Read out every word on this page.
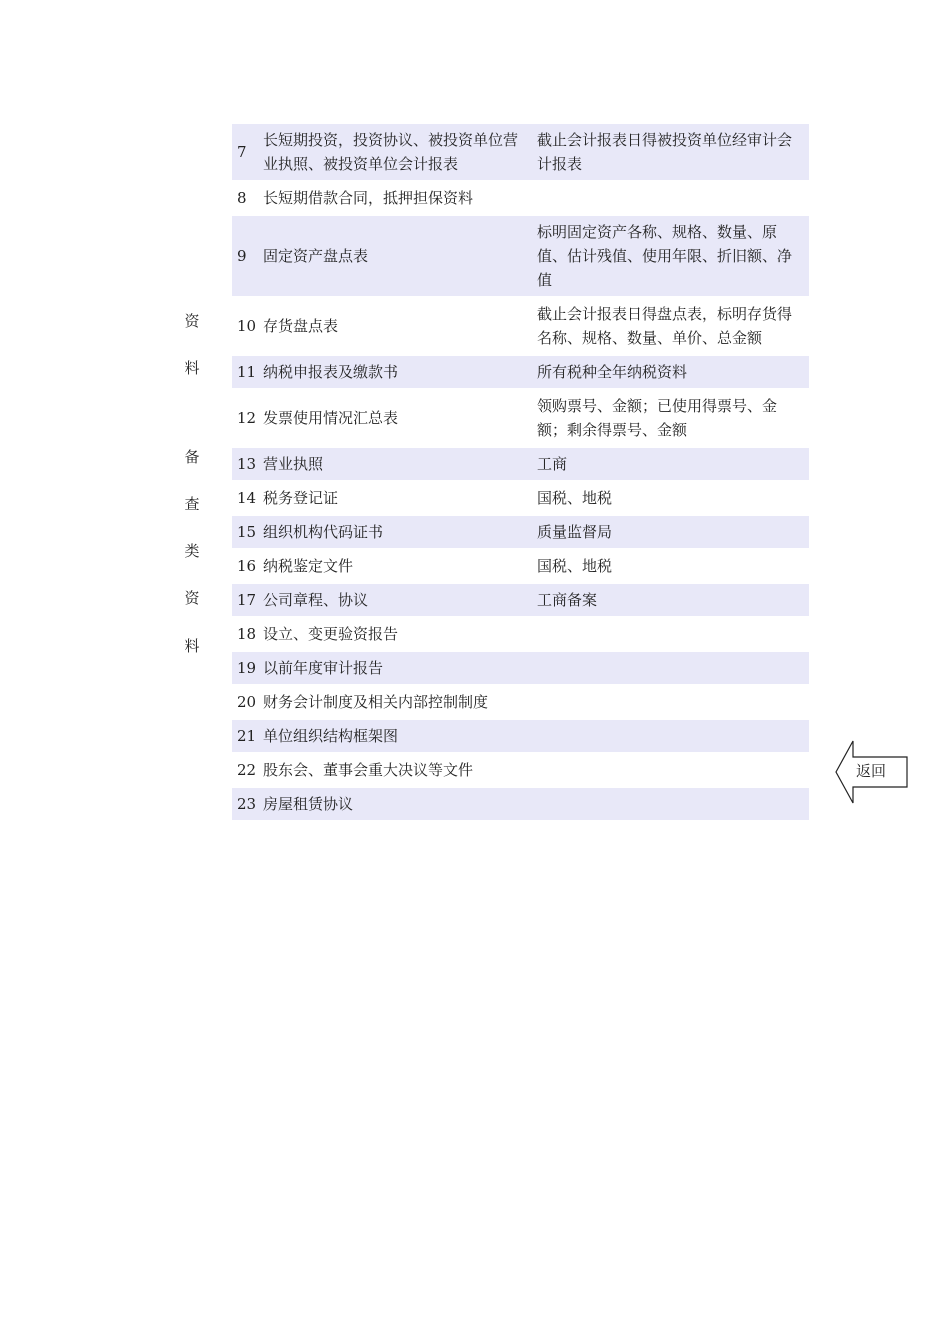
资
料
备
查
类
资
料
7	长短期投资，投资协议、被投资单位营业执照、被投资单位会计报表	截止会计报表日得被投资单位经审计会计报表
8	长短期借款合同，抵押担保资料	
9	固定资产盘点表	标明固定资产各称、规格、数量、原值、估计残值、使用年限、折旧额、净值
10	存货盘点表	截止会计报表日得盘点表，标明存货得名称、规格、数量、单价、总金额
11	纳税申报表及缴款书	所有税种全年纳税资料
12	发票使用情况汇总表	领购票号、金额；已使用得票号、金额；剩余得票号、金额
13	营业执照	工商
14	税务登记证	国税、地税
15	组织机构代码证书	质量监督局
16	纳税鉴定文件	国税、地税
17	公司章程、协议	工商备案
18	设立、变更验资报告	
19	以前年度审计报告	
20	财务会计制度及相关内部控制制度	
21	单位组织结构框架图	
22	股东会、董事会重大决议等文件	
23	房屋租赁协议	
返回
